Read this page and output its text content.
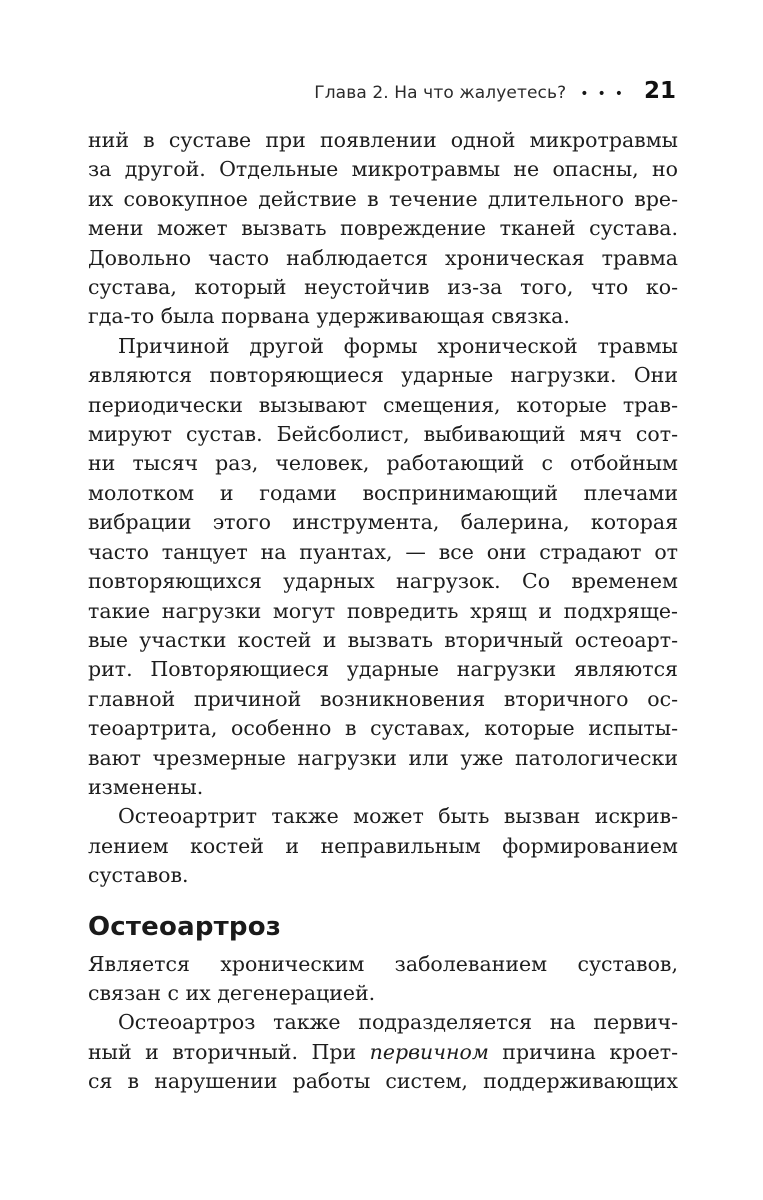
Глава 2. На что жалуетесь? ••• 21
ний в суставе при появлении одной микротравмы
за другой. Отдельные микротравмы не опасны, но
их совокупное действие в течение длительного вре-
мени может вызвать повреждение тканей сустава.
Довольно часто наблюдается хроническая травма
сустава, который неустойчив из-за того, что ко-
гда-то была порвана удерживающая связка.
Причиной другой формы хронической травмы
являются повторяющиеся ударные нагрузки. Они
периодически вызывают смещения, которые трав-
мируют сустав. Бейсболист, выбивающий мяч сот-
ни тысяч раз, человек, работающий с отбойным
молотком и годами воспринимающий плечами
вибрации этого инструмента, балерина, которая
часто танцует на пуантах, — все они страдают от
повторяющихся ударных нагрузок. Со временем
такие нагрузки могут повредить хрящ и подхряще-
вые участки костей и вызвать вторичный остеоарт-
рит. Повторяющиеся ударные нагрузки являются
главной причиной возникновения вторичного ос-
теоартрита, особенно в суставах, которые испыты-
вают чрезмерные нагрузки или уже патологически
изменены.
Остеоартрит также может быть вызван искрив-
лением костей и неправильным формированием
суставов.
Остеоартроз
Является хроническим заболеванием суставов,
связан с их дегенерацией.
Остеоартроз также подразделяется на первич-
ный и вторичный. При первичном причина кроет-
ся в нарушении работы систем, поддерживающих
